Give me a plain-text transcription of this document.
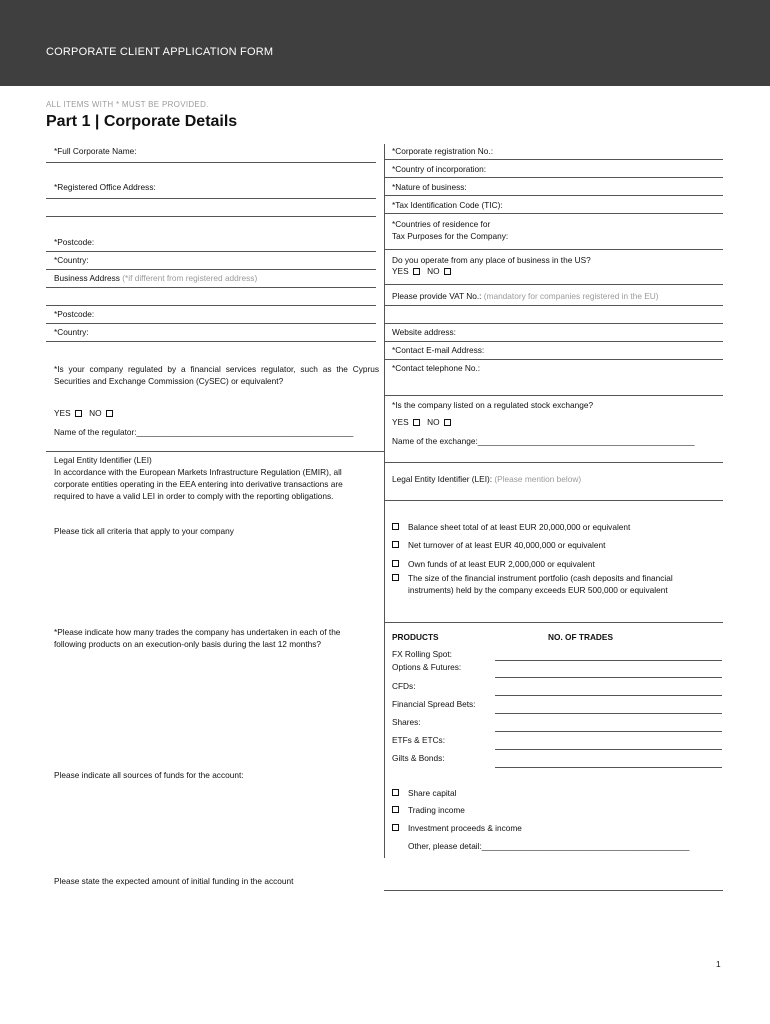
CORPORATE CLIENT APPLICATION FORM
ALL ITEMS WITH * MUST BE PROVIDED.
Part 1 | Corporate Details
*Full Corporate Name:
*Registered Office Address:
*Postcode:
*Country:
Business Address (*if different from registered address)
*Postcode:
*Country:
*Is your company regulated by a financial services regulator, such as the Cyprus Securities and Exchange Commission (CySEC) or equivalent?
YES NO
Name of the regulator:_______________________________________________
Legal Entity Identifier (LEI)
In accordance with the European Markets Infrastructure Regulation (EMIR), all corporate entities operating in the EEA entering into derivative transactions are required to have a valid LEI in order to comply with the reporting obligations.
Please tick all criteria that apply to your company
*Please indicate how many trades the company has undertaken in each of the following products on an execution-only basis during the last 12 months?
Please indicate all sources of funds for the account:
Please state the expected amount of initial funding in the account
*Corporate registration No.:
*Country of incorporation:
*Nature of business:
*Tax Identification Code (TIC):
*Countries of residence for
Tax Purposes for the Company:
Do you operate from any place of business in the US?
YES NO
Please provide VAT No.: (mandatory for companies registered in the EU)
Website address:
*Contact E-mail Address:
*Contact telephone No.:
*Is the company listed on a regulated stock exchange?
YES NO
Name of the exchange:_______________________________________________
Legal Entity Identifier (LEI): (Please mention below)
Balance sheet total of at least EUR 20,000,000 or equivalent
Net turnover of at least EUR 40,000,000 or equivalent
Own funds of at least EUR 2,000,000 or equivalent
The size of the financial instrument portfolio (cash deposits and financial instruments) held by the company exceeds EUR 500,000 or equivalent
PRODUCTS	NO. OF TRADES
FX Rolling Spot:
Options & Futures:
CFDs:
Financial Spread Bets:
Shares:
ETFs & ETCs:
Gilts & Bonds:
Share capital
Trading income
Investment proceeds & income
Other, please detail:_____________________________________________
1
